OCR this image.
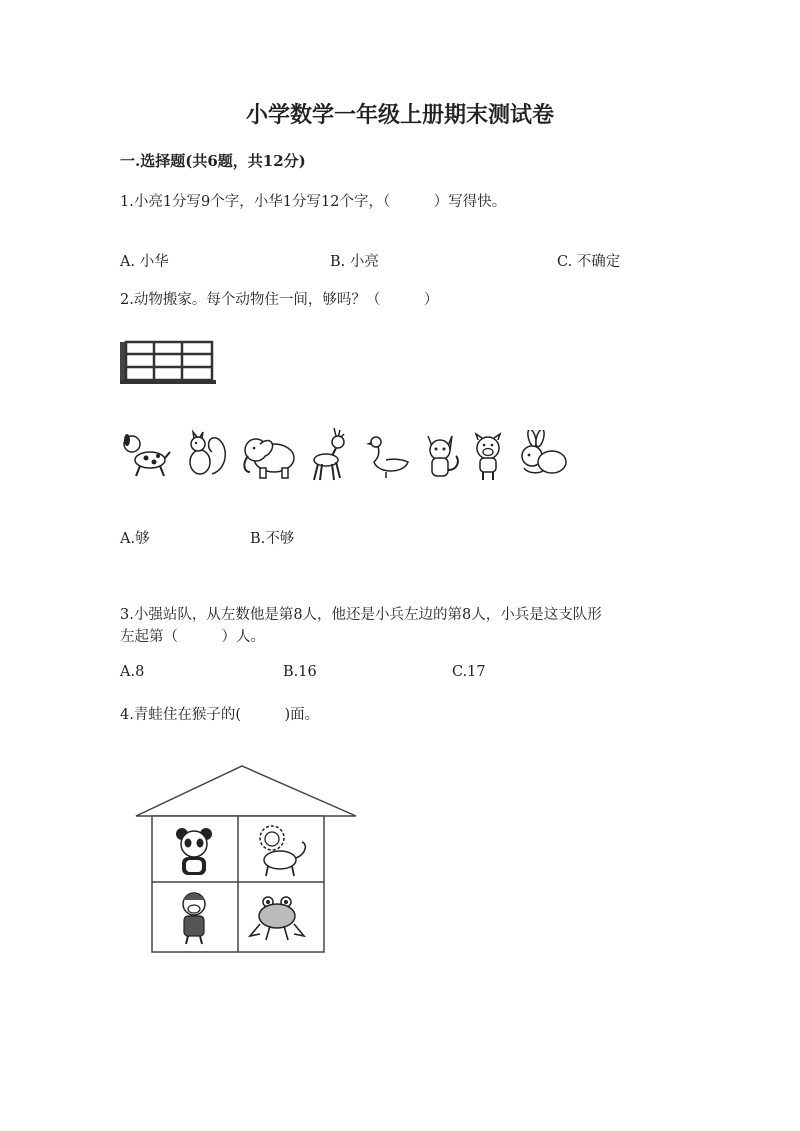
小学数学一年级上册期末测试卷
一.选择题(共6题，共12分)
1.小亮1分写9个字，小华1分写12个字，（　　　）写得快。
A. 小华	B. 小亮	C. 不确定
2.动物搬家。每个动物住一间，够吗？（　　　）
A.够	B.不够
3.小强站队，从左数他是第8人，他还是小兵左边的第8人，小兵是这支队形
左起第（　　　）人。
A.8	B.16	C.17
4.青蛙住在猴子的(　　　)面。
